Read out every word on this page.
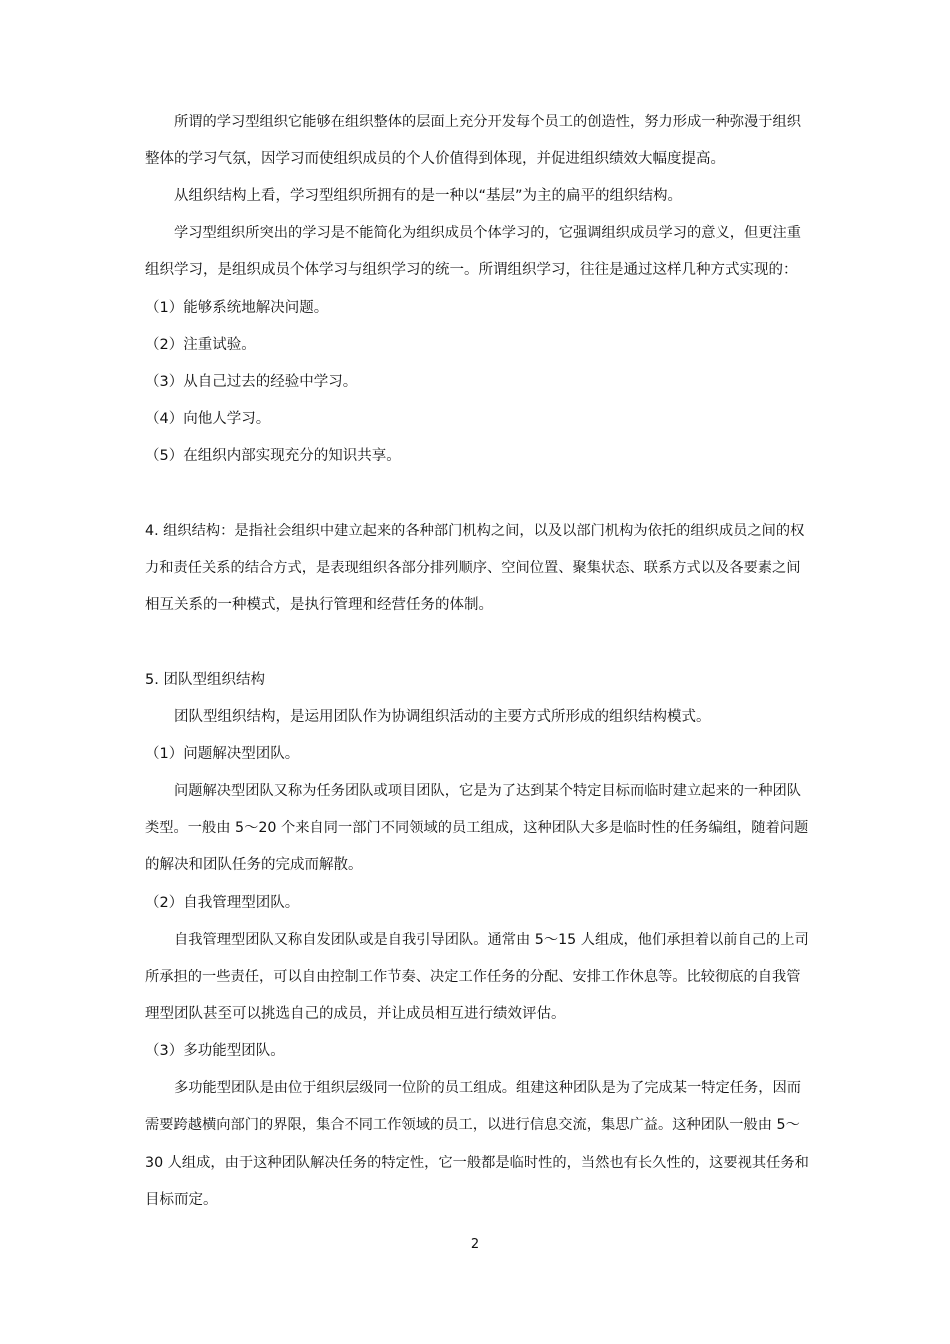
所谓的学习型组织它能够在组织整体的层面上充分开发每个员工的创造性，努力形成一种弥漫于组织
整体的学习气氛，因学习而使组织成员的个人价值得到体现，并促进组织绩效大幅度提高。
从组织结构上看，学习型组织所拥有的是一种以“基层”为主的扁平的组织结构。
学习型组织所突出的学习是不能简化为组织成员个体学习的，它强调组织成员学习的意义，但更注重
组织学习，是组织成员个体学习与组织学习的统一。所谓组织学习，往往是通过这样几种方式实现的：
（1）能够系统地解决问题。
（2）注重试验。
（3）从自己过去的经验中学习。
（4）向他人学习。
（5）在组织内部实现充分的知识共享。
4. 组织结构：是指社会组织中建立起来的各种部门机构之间，以及以部门机构为依托的组织成员之间的权
力和责任关系的结合方式，是表现组织各部分排列顺序、空间位置、聚集状态、联系方式以及各要素之间
相互关系的一种模式，是执行管理和经营任务的体制。
5. 团队型组织结构
团队型组织结构，是运用团队作为协调组织活动的主要方式所形成的组织结构模式。
（1）问题解决型团队。
问题解决型团队又称为任务团队或项目团队，它是为了达到某个特定目标而临时建立起来的一种团队
类型。一般由 5～20 个来自同一部门不同领域的员工组成，这种团队大多是临时性的任务编组，随着问题
的解决和团队任务的完成而解散。
（2）自我管理型团队。
自我管理型团队又称自发团队或是自我引导团队。通常由 5～15 人组成，他们承担着以前自己的上司
所承担的一些责任，可以自由控制工作节奏、决定工作任务的分配、安排工作休息等。比较彻底的自我管
理型团队甚至可以挑选自己的成员，并让成员相互进行绩效评估。
（3）多功能型团队。
多功能型团队是由位于组织层级同一位阶的员工组成。组建这种团队是为了完成某一特定任务，因而
需要跨越横向部门的界限，集合不同工作领域的员工，以进行信息交流，集思广益。这种团队一般由 5～
30 人组成，由于这种团队解决任务的特定性，它一般都是临时性的，当然也有长久性的，这要视其任务和
目标而定。
2
